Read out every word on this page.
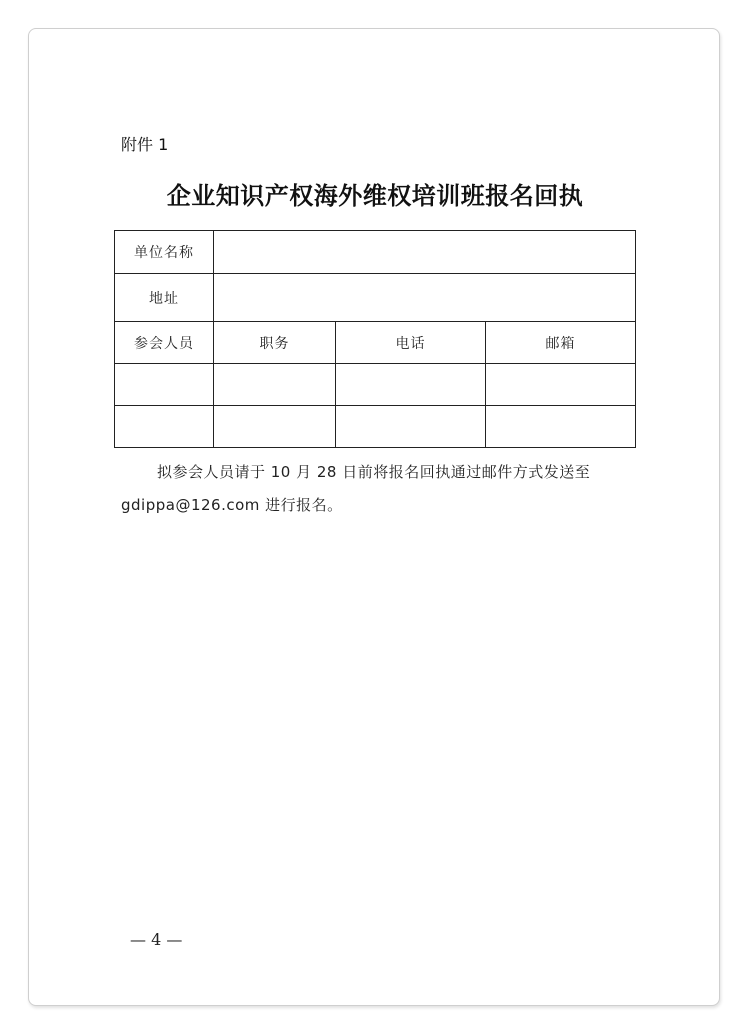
附件 1
企业知识产权海外维权培训班报名回执
单位名称			
地址			
参会人员	职务	电话	邮箱

拟参会人员请于 10 月 28 日前将报名回执通过邮件方式发送至
gdippa@126.com 进行报名。
— 4 —
